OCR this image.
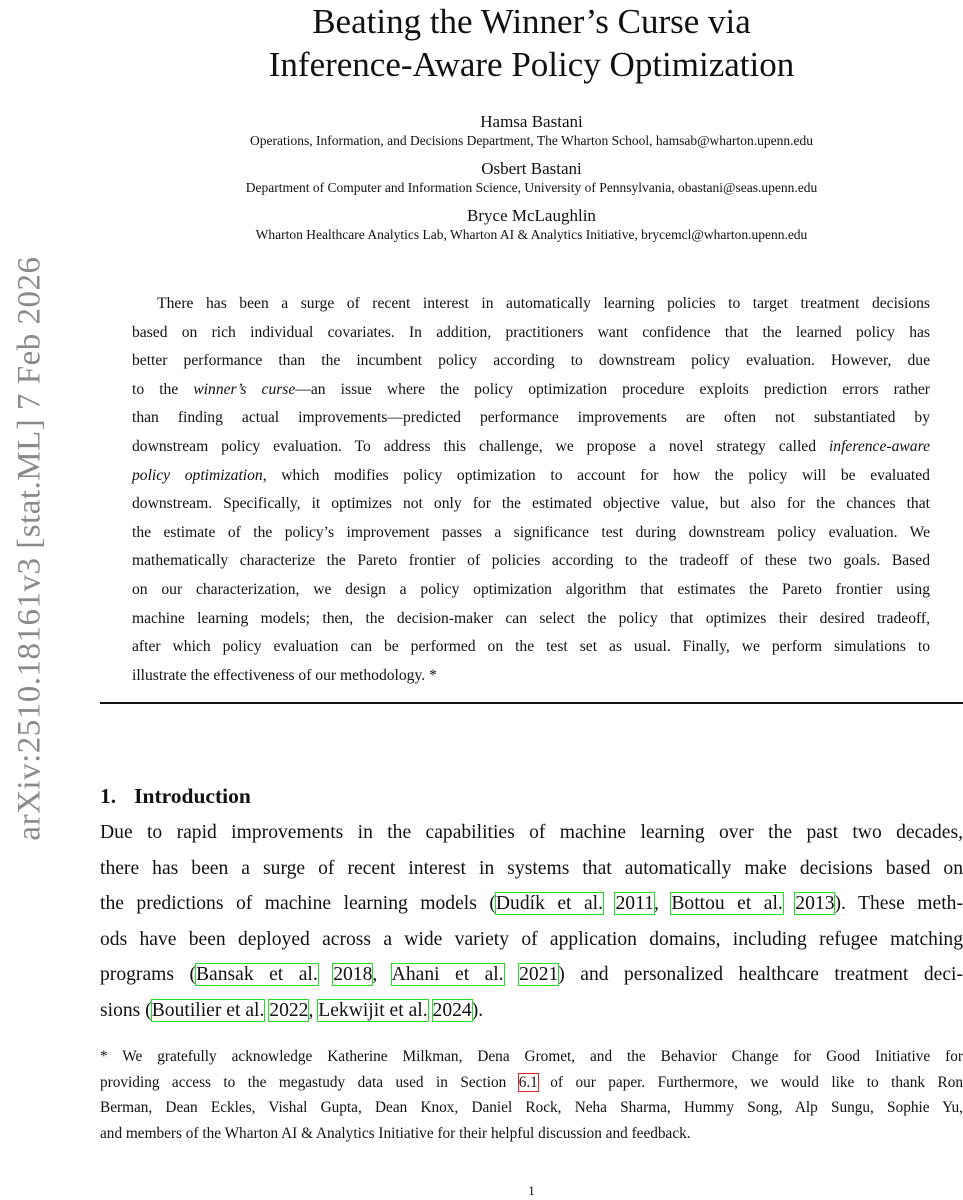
arXiv:2510.18161v3 [stat.ML] 7 Feb 2026
Beating the Winner’s Curse via
Inference-Aware Policy Optimization
Hamsa Bastani
Operations, Information, and Decisions Department, The Wharton School, hamsab@wharton.upenn.edu
Osbert Bastani
Department of Computer and Information Science, University of Pennsylvania, obastani@seas.upenn.edu
Bryce McLaughlin
Wharton Healthcare Analytics Lab, Wharton AI & Analytics Initiative, brycemcl@wharton.upenn.edu
There has been a surge of recent interest in automatically learning policies to target treatment decisions
based on rich individual covariates. In addition, practitioners want confidence that the learned policy has
better performance than the incumbent policy according to downstream policy evaluation. However, due
to the winner’s curse—an issue where the policy optimization procedure exploits prediction errors rather
than finding actual improvements—predicted performance improvements are often not substantiated by
downstream policy evaluation. To address this challenge, we propose a novel strategy called inference-aware
policy optimization, which modifies policy optimization to account for how the policy will be evaluated
downstream. Specifically, it optimizes not only for the estimated objective value, but also for the chances that
the estimate of the policy’s improvement passes a significance test during downstream policy evaluation. We
mathematically characterize the Pareto frontier of policies according to the tradeoff of these two goals. Based
on our characterization, we design a policy optimization algorithm that estimates the Pareto frontier using
machine learning models; then, the decision-maker can select the policy that optimizes their desired tradeoff,
after which policy evaluation can be performed on the test set as usual. Finally, we perform simulations to
illustrate the effectiveness of our methodology. *
1. Introduction
Due to rapid improvements in the capabilities of machine learning over the past two decades,
there has been a surge of recent interest in systems that automatically make decisions based on
the predictions of machine learning models (Dudík et al. 2011, Bottou et al. 2013). These meth-
ods have been deployed across a wide variety of application domains, including refugee matching
programs (Bansak et al. 2018, Ahani et al. 2021) and personalized healthcare treatment deci-
sions (Boutilier et al. 2022, Lekwijit et al. 2024).
* We gratefully acknowledge Katherine Milkman, Dena Gromet, and the Behavior Change for Good Initiative for
providing access to the megastudy data used in Section 6.1 of our paper. Furthermore, we would like to thank Ron
Berman, Dean Eckles, Vishal Gupta, Dean Knox, Daniel Rock, Neha Sharma, Hummy Song, Alp Sungu, Sophie Yu,
and members of the Wharton AI & Analytics Initiative for their helpful discussion and feedback.
1
